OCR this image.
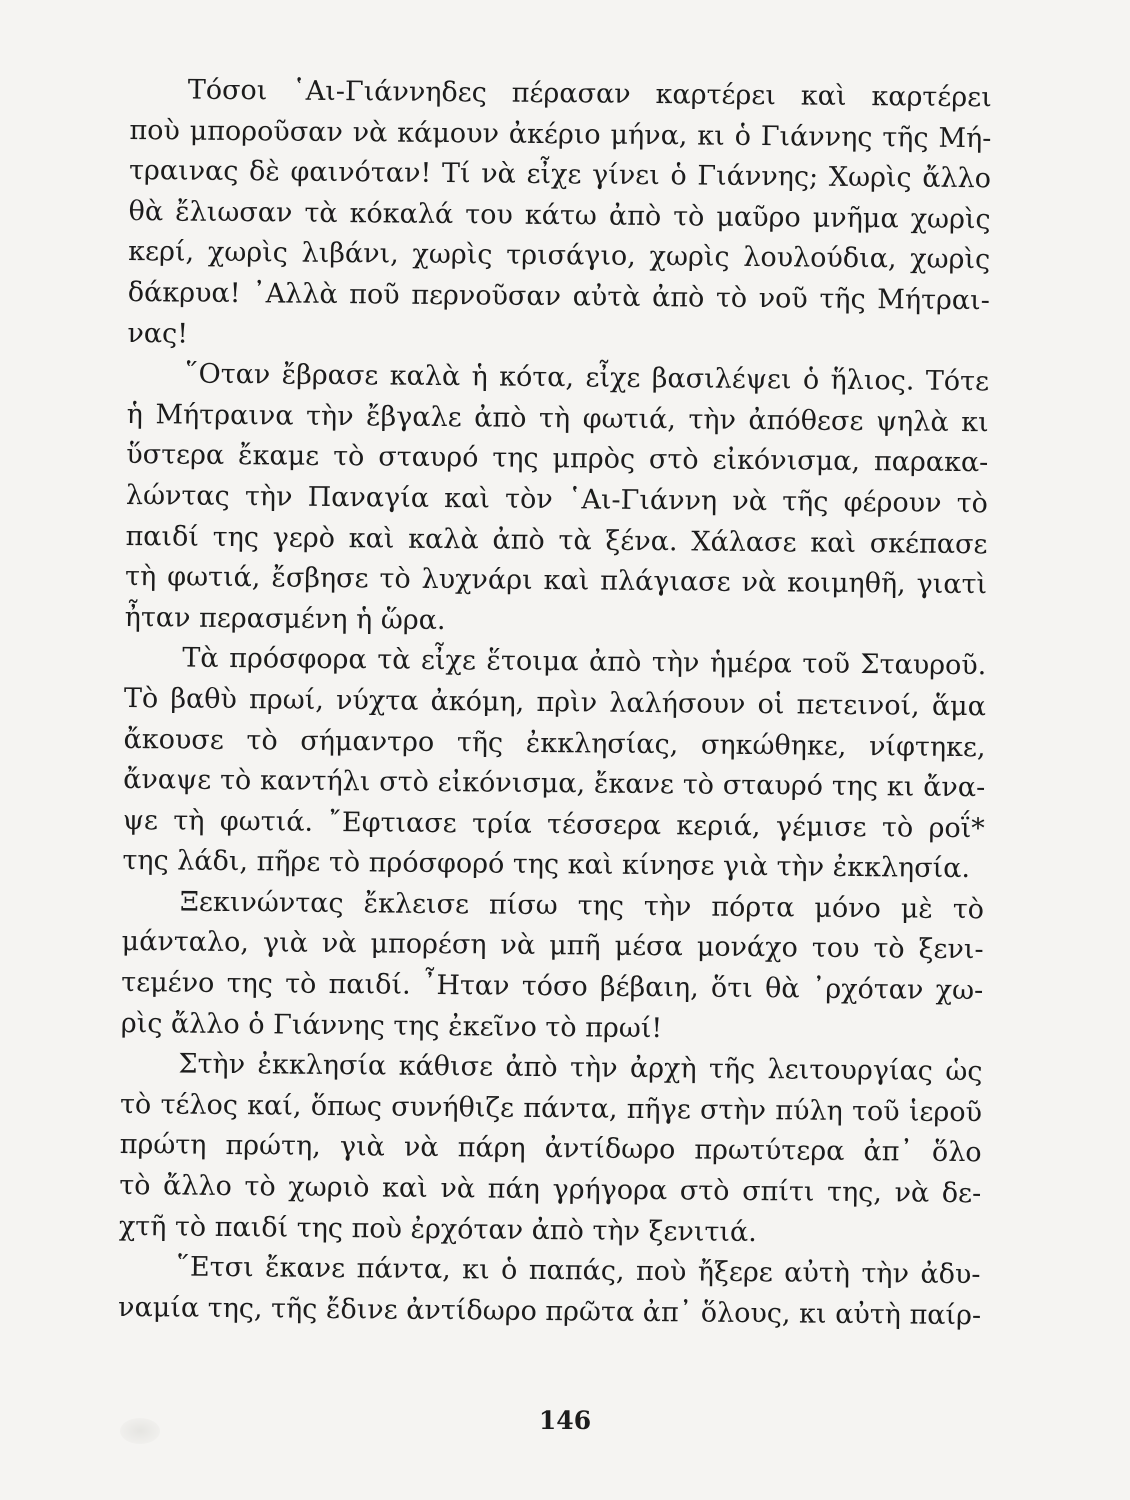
Τόσοι ῾Αι-Γιάννηδες πέρασαν καρτέρει καὶ καρτέρει
ποὺ μποροῦσαν νὰ κάμουν ἀκέριο μήνα, κι ὁ Γιάννης τῆς Μή-
τραινας δὲ φαινόταν! Τί νὰ εἶχε γίνει ὁ Γιάννης; Χωρὶς ἄλλο
θὰ ἔλιωσαν τὰ κόκαλά του κάτω ἀπὸ τὸ μαῦρο μνῆμα χωρὶς
κερί, χωρὶς λιβάνι, χωρὶς τρισάγιο, χωρὶς λουλούδια, χωρὶς
δάκρυα! ᾿Αλλὰ ποῦ περνοῦσαν αὐτὰ ἀπὸ τὸ νοῦ τῆς Μήτραι-
νας!
῞Οταν ἔβρασε καλὰ ἡ κότα, εἶχε βασιλέψει ὁ ἥλιος. Τότε
ἡ Μήτραινα τὴν ἔβγαλε ἀπὸ τὴ φωτιά, τὴν ἀπόθεσε ψηλὰ κι
ὕστερα ἔκαμε τὸ σταυρό της μπρὸς στὸ εἰκόνισμα, παρακα-
λώντας τὴν Παναγία καὶ τὸν ῾Αι-Γιάννη νὰ τῆς φέρουν τὸ
παιδί της γερὸ καὶ καλὰ ἀπὸ τὰ ξένα. Χάλασε καὶ σκέπασε
τὴ φωτιά, ἔσβησε τὸ λυχνάρι καὶ πλάγιασε νὰ κοιμηθῆ, γιατὶ
ἦταν περασμένη ἡ ὥρα.
Τὰ πρόσφορα τὰ εἶχε ἕτοιμα ἀπὸ τὴν ἡμέρα τοῦ Σταυροῦ.
Τὸ βαθὺ πρωί, νύχτα ἀκόμη, πρὶν λαλήσουν οἱ πετεινοί, ἅμα
ἄκουσε τὸ σήμαντρο τῆς ἐκκλησίας, σηκώθηκε, νίφτηκε,
ἄναψε τὸ καντήλι στὸ εἰκόνισμα, ἔκανε τὸ σταυρό της κι ἄνα-
ψε τὴ φωτιά. ῎Εφτιασε τρία τέσσερα κεριά, γέμισε τὸ ροΐ*
της λάδι, πῆρε τὸ πρόσφορό της καὶ κίνησε γιὰ τὴν ἐκκλησία.
Ξεκινώντας ἔκλεισε πίσω της τὴν πόρτα μόνο μὲ τὸ
μάνταλο, γιὰ νὰ μπορέση νὰ μπῆ μέσα μονάχο του τὸ ξενι-
τεμένο της τὸ παιδί. ῏Ηταν τόσο βέβαιη, ὅτι θὰ ᾿ρχόταν χω-
ρὶς ἄλλο ὁ Γιάννης της ἐκεῖνο τὸ πρωί!
Στὴν ἐκκλησία κάθισε ἀπὸ τὴν ἀρχὴ τῆς λειτουργίας ὡς
τὸ τέλος καί, ὅπως συνήθιζε πάντα, πῆγε στὴν πύλη τοῦ ἱεροῦ
πρώτη πρώτη, γιὰ νὰ πάρη ἀντίδωρο πρωτύτερα ἀπ᾿ ὅλο
τὸ ἄλλο τὸ χωριὸ καὶ νὰ πάη γρήγορα στὸ σπίτι της, νὰ δε-
χτῆ τὸ παιδί της ποὺ ἐρχόταν ἀπὸ τὴν ξενιτιά.
῞Ετσι ἔκανε πάντα, κι ὁ παπάς, ποὺ ἤξερε αὐτὴ τὴν ἀδυ-
ναμία της, τῆς ἔδινε ἀντίδωρο πρῶτα ἀπ᾿ ὅλους, κι αὐτὴ παίρ-
146
